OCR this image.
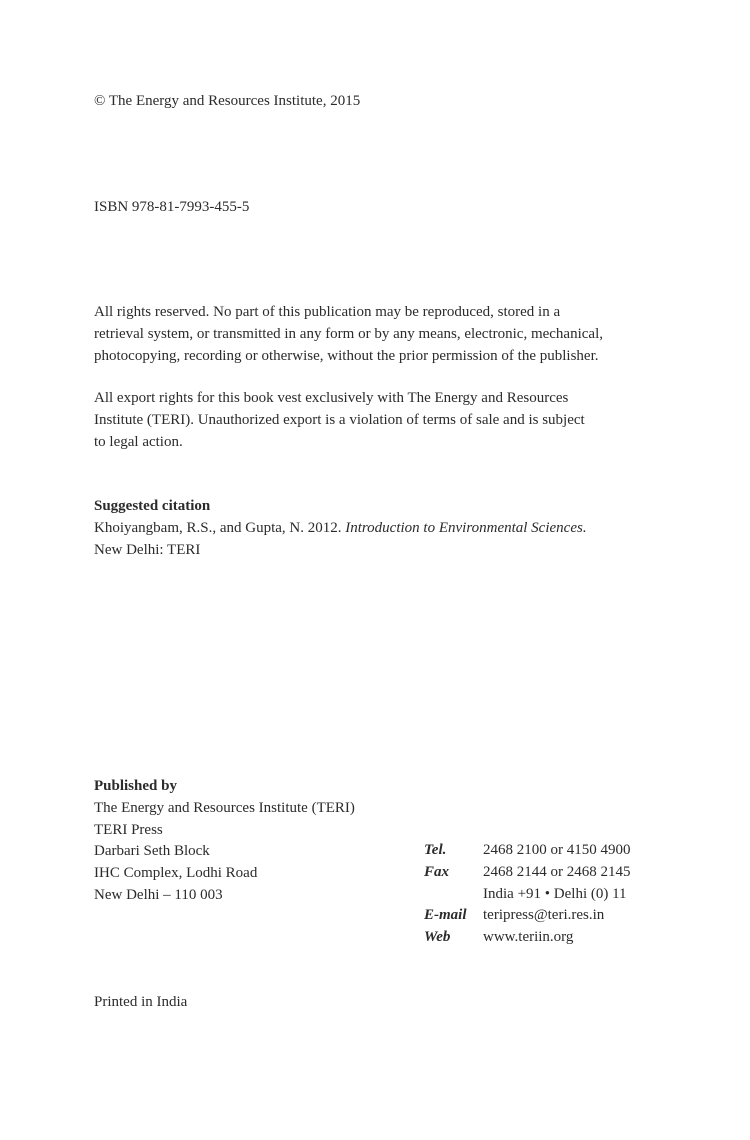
© The Energy and Resources Institute, 2015

ISBN 978-81-7993-455-5

All rights reserved. No part of this publication may be reproduced, stored in a
retrieval system, or transmitted in any form or by any means, electronic, mechanical,
photocopying, recording or otherwise, without the prior permission of the publisher.

All export rights for this book vest exclusively with The Energy and Resources
Institute (TERI). Unauthorized export is a violation of terms of sale and is subject
to legal action.

Suggested citation
Khoiyangbam, R.S., and Gupta, N. 2012. Introduction to Environmental Sciences.
New Delhi: TERI
Published by
The Energy and Resources Institute (TERI)
TERI Press
Darbari Seth Block
IHC Complex, Lodhi Road
New Delhi – 110 003
Tel.	2468 2100 or 4150 4900
Fax	2468 2144 or 2468 2145
	India +91 • Delhi (0) 11
E-mail	teripress@teri.res.in
Web	www.teriin.org

Printed in India
